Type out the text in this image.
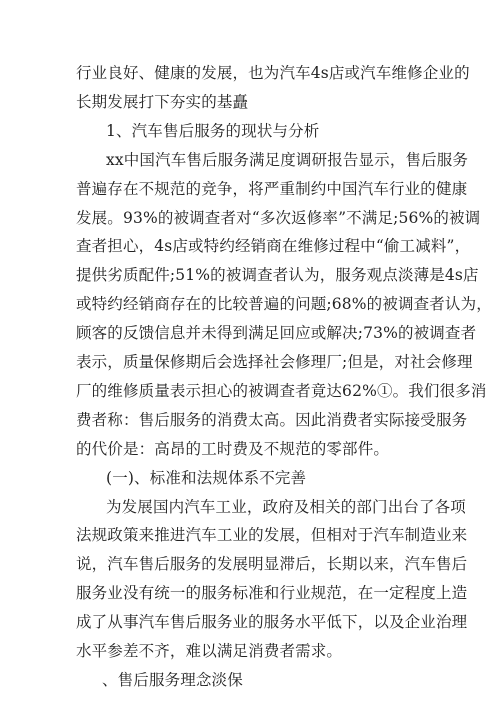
行业良好、健康的发展，也为汽车4s店或汽车维修企业的
长期发展打下夯实的基矗
1、汽车售后服务的现状与分析
xx中国汽车售后服务满足度调研报告显示，售后服务
普遍存在不规范的竞争，将严重制约中国汽车行业的健康
发展。93%的被调查者对“多次返修率”不满足;56%的被调
查者担心，4s店或特约经销商在维修过程中“偷工减料”，
提供劣质配件;51%的被调查者认为，服务观点淡薄是4s店
或特约经销商存在的比较普遍的问题;68%的被调查者认为，
顾客的反馈信息并未得到满足回应或解决;73%的被调查者
表示，质量保修期后会选择社会修理厂;但是，对社会修理
厂的维修质量表示担心的被调查者竟达62%①。我们很多消
费者称：售后服务的消费太高。因此消费者实际接受服务
的代价是：高昂的工时费及不规范的零部件。
(一)、标准和法规体系不完善
为发展国内汽车工业，政府及相关的部门出台了各项
法规政策来推进汽车工业的发展，但相对于汽车制造业来
说，汽车售后服务的发展明显滞后，长期以来，汽车售后
服务业没有统一的服务标准和行业规范，在一定程度上造
成了从事汽车售后服务业的服务水平低下，以及企业治理
水平参差不齐，难以满足消费者需求。
、售后服务理念淡保
